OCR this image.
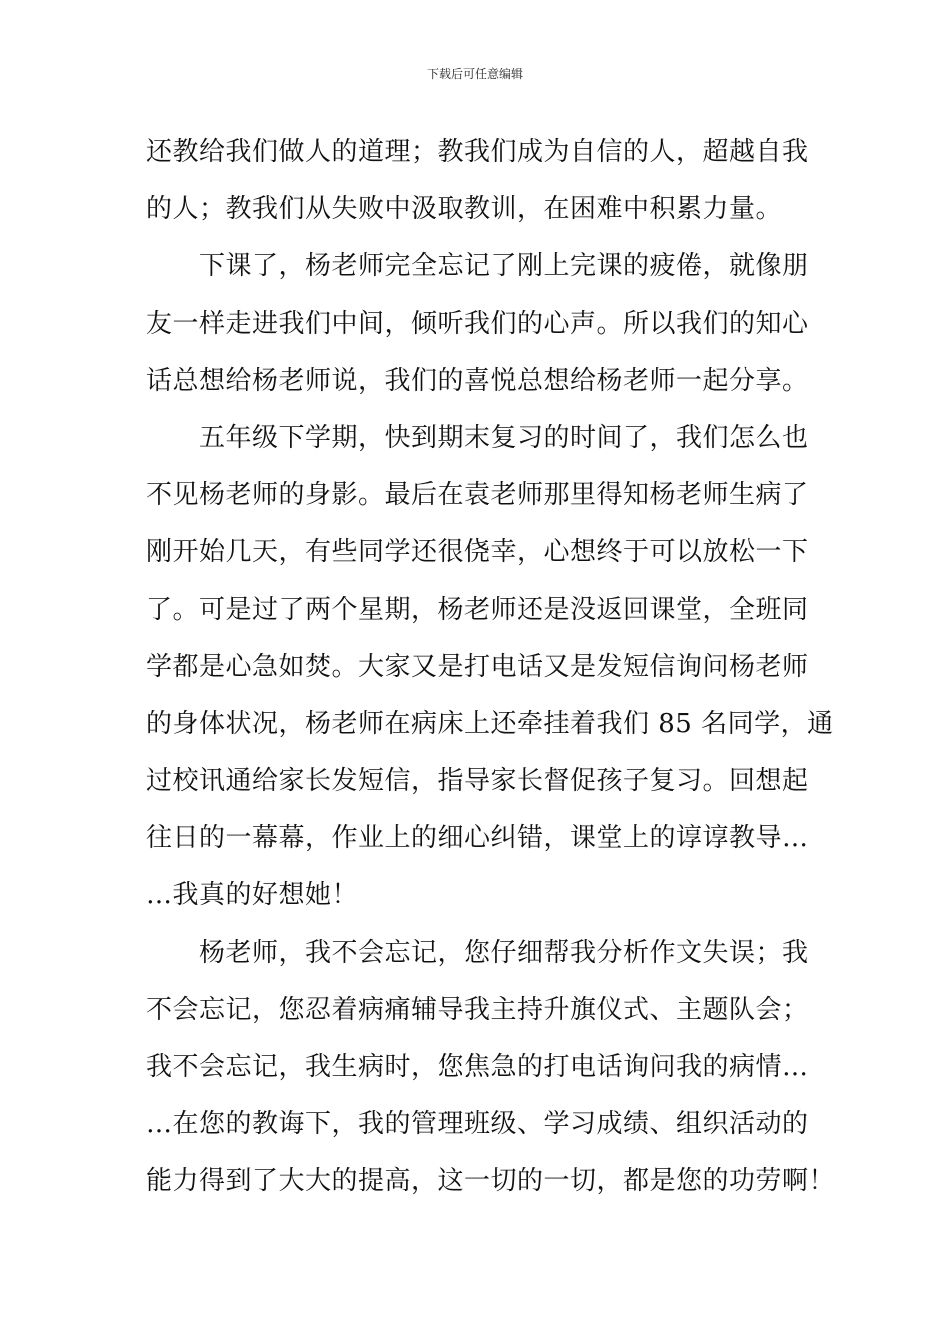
下载后可任意编辑
还教给我们做人的道理；教我们成为自信的人，超越自我
的人；教我们从失败中汲取教训，在困难中积累力量。
　　下课了，杨老师完全忘记了刚上完课的疲倦，就像朋
友一样走进我们中间，倾听我们的心声。所以我们的知心
话总想给杨老师说，我们的喜悦总想给杨老师一起分享。
　　五年级下学期，快到期末复习的时间了，我们怎么也
不见杨老师的身影。最后在袁老师那里得知杨老师生病了
刚开始几天，有些同学还很侥幸，心想终于可以放松一下
了。可是过了两个星期，杨老师还是没返回课堂，全班同
学都是心急如焚。大家又是打电话又是发短信询问杨老师
的身体状况，杨老师在病床上还牵挂着我们 85 名同学，通
过校讯通给家长发短信，指导家长督促孩子复习。回想起
往日的一幕幕，作业上的细心纠错，课堂上的谆谆教导…
…我真的好想她！
　　杨老师，我不会忘记，您仔细帮我分析作文失误；我
不会忘记，您忍着病痛辅导我主持升旗仪式、主题队会；
我不会忘记，我生病时，您焦急的打电话询问我的病情…
…在您的教诲下，我的管理班级、学习成绩、组织活动的
能力得到了大大的提高，这一切的一切，都是您的功劳啊！
